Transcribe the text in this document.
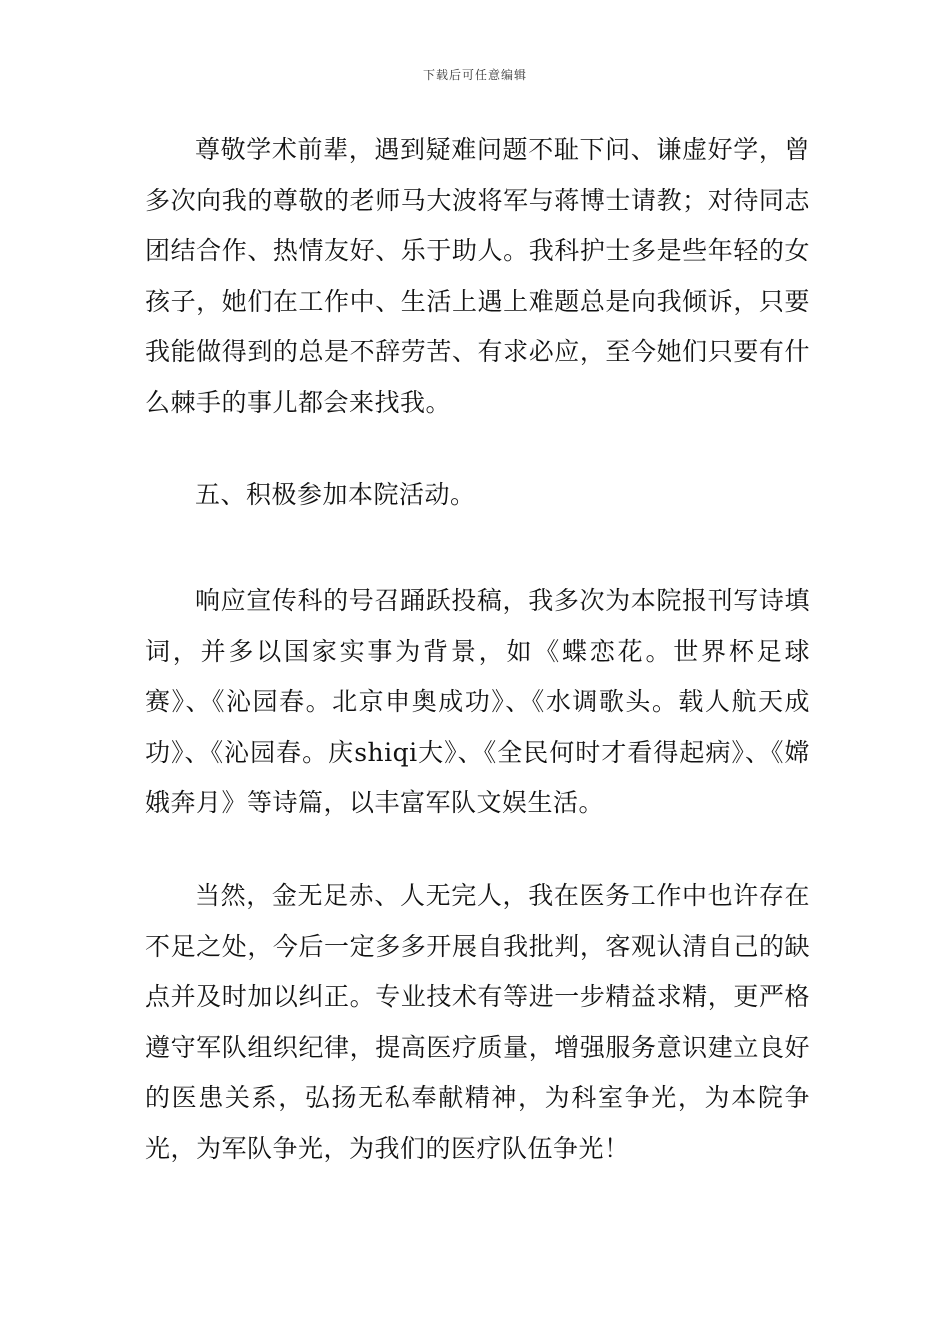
下载后可任意编辑

尊敬学术前辈，遇到疑难问题不耻下问、谦虚好学，曾多次向我的尊敬的老师马大波将军与蒋博士请教；对待同志团结合作、热情友好、乐于助人。我科护士多是些年轻的女孩子，她们在工作中、生活上遇上难题总是向我倾诉，只要我能做得到的总是不辞劳苦、有求必应，至今她们只要有什么棘手的事儿都会来找我。

五、积极参加本院活动。

响应宣传科的号召踊跃投稿，我多次为本院报刊写诗填词，并多以国家实事为背景，如《蝶恋花。世界杯足球赛》、《沁园春。北京申奥成功》、《水调歌头。载人航天成功》、《沁园春。庆shiqi大》、《全民何时才看得起病》、《嫦娥奔月》等诗篇，以丰富军队文娱生活。

当然，金无足赤、人无完人，我在医务工作中也许存在不足之处，今后一定多多开展自我批判，客观认清自己的缺点并及时加以纠正。专业技术有等进一步精益求精，更严格遵守军队组织纪律，提高医疗质量，增强服务意识建立良好的医患关系，弘扬无私奉献精神，为科室争光，为本院争光，为军队争光，为我们的医疗队伍争光！
